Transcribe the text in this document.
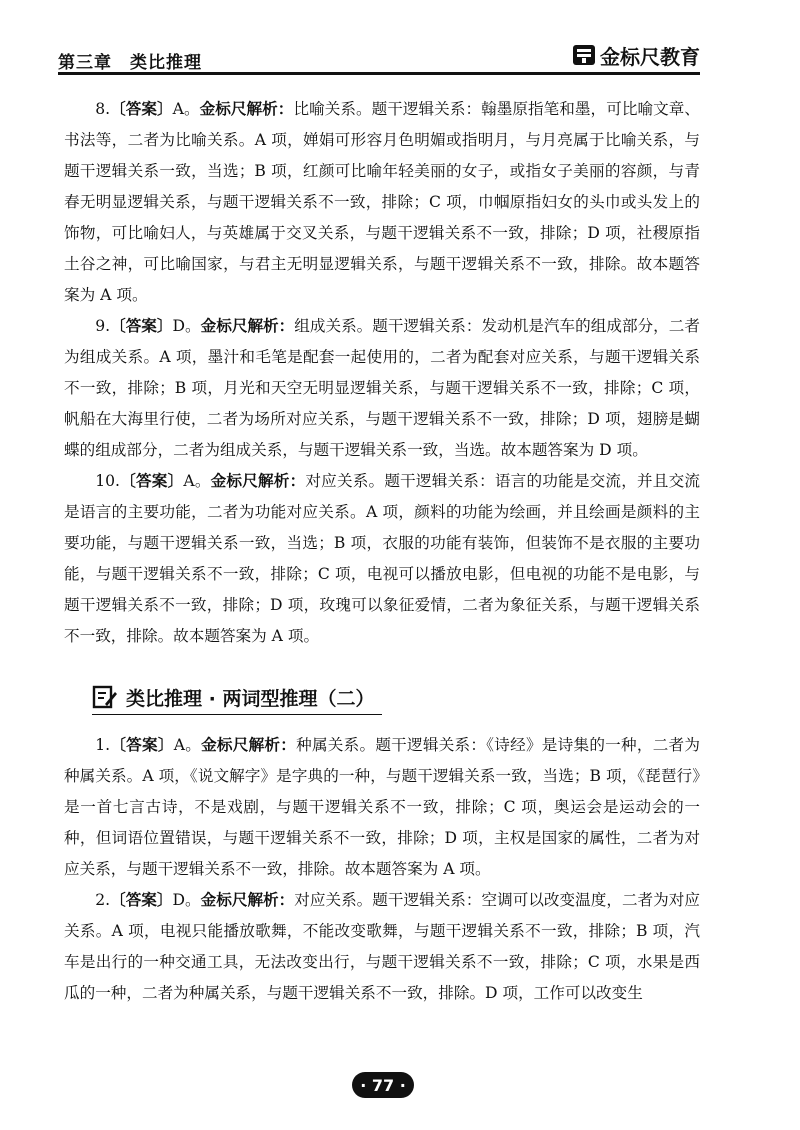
第三章　类比推理	金标尺教育

8.〔答案〕A。金标尺解析：比喻关系。题干逻辑关系：翰墨原指笔和墨，可比喻文章、书法等，二者为比喻关系。A 项，婵娟可形容月色明媚或指明月，与月亮属于比喻关系，与题干逻辑关系一致，当选；B 项，红颜可比喻年轻美丽的女子，或指女子美丽的容颜，与青春无明显逻辑关系，与题干逻辑关系不一致，排除；C 项，巾帼原指妇女的头巾或头发上的饰物，可比喻妇人，与英雄属于交叉关系，与题干逻辑关系不一致，排除；D 项，社稷原指土谷之神，可比喻国家，与君主无明显逻辑关系，与题干逻辑关系不一致，排除。故本题答案为 A 项。

9.〔答案〕D。金标尺解析：组成关系。题干逻辑关系：发动机是汽车的组成部分，二者为组成关系。A 项，墨汁和毛笔是配套一起使用的，二者为配套对应关系，与题干逻辑关系不一致，排除；B 项，月光和天空无明显逻辑关系，与题干逻辑关系不一致，排除；C 项，帆船在大海里行使，二者为场所对应关系，与题干逻辑关系不一致，排除；D 项，翅膀是蝴蝶的组成部分，二者为组成关系，与题干逻辑关系一致，当选。故本题答案为 D 项。

10.〔答案〕A。金标尺解析：对应关系。题干逻辑关系：语言的功能是交流，并且交流是语言的主要功能，二者为功能对应关系。A 项，颜料的功能为绘画，并且绘画是颜料的主要功能，与题干逻辑关系一致，当选；B 项，衣服的功能有装饰，但装饰不是衣服的主要功能，与题干逻辑关系不一致，排除；C 项，电视可以播放电影，但电视的功能不是电影，与题干逻辑关系不一致，排除；D 项，玫瑰可以象征爱情，二者为象征关系，与题干逻辑关系不一致，排除。故本题答案为 A 项。

类比推理 · 两词型推理（二）

1.〔答案〕A。金标尺解析：种属关系。题干逻辑关系：《诗经》是诗集的一种，二者为种属关系。A 项，《说文解字》是字典的一种，与题干逻辑关系一致，当选；B 项，《琵琶行》是一首七言古诗，不是戏剧，与题干逻辑关系不一致，排除；C 项，奥运会是运动会的一种，但词语位置错误，与题干逻辑关系不一致，排除；D 项，主权是国家的属性，二者为对应关系，与题干逻辑关系不一致，排除。故本题答案为 A 项。

2.〔答案〕D。金标尺解析：对应关系。题干逻辑关系：空调可以改变温度，二者为对应关系。A 项，电视只能播放歌舞，不能改变歌舞，与题干逻辑关系不一致，排除；B 项，汽车是出行的一种交通工具，无法改变出行，与题干逻辑关系不一致，排除；C 项，水果是西瓜的一种，二者为种属关系，与题干逻辑关系不一致，排除。D 项，工作可以改变生

· 77 ·
